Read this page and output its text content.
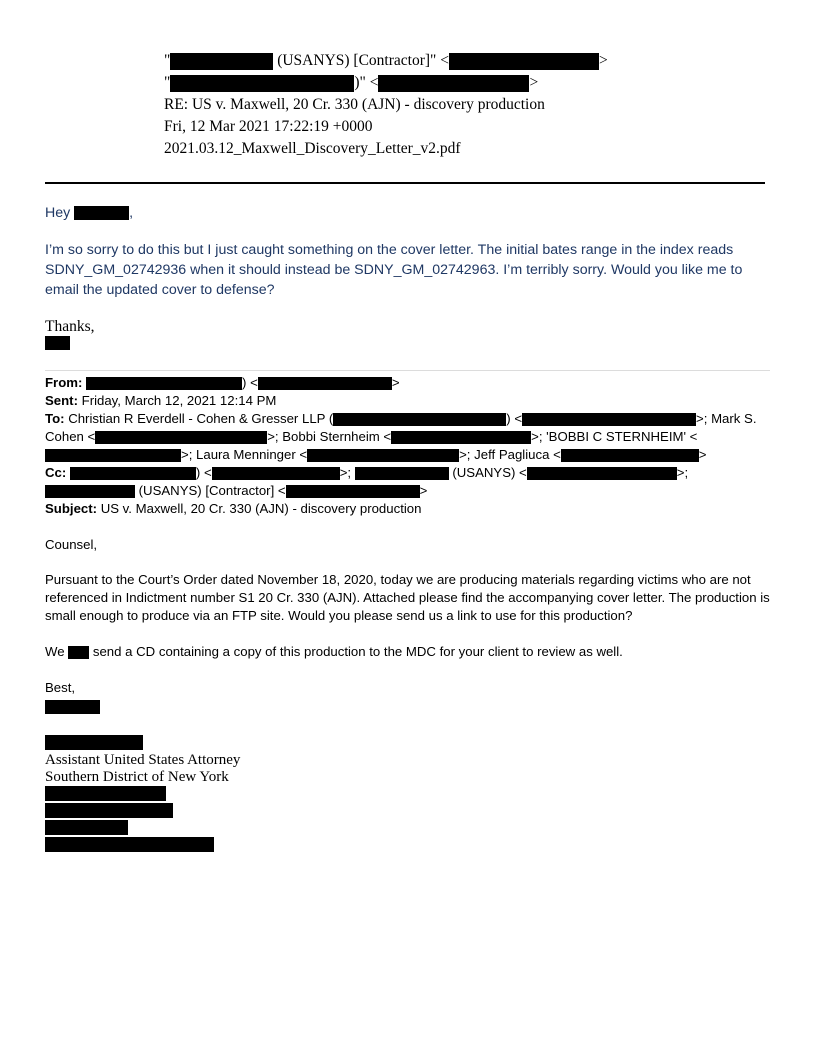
"	(USANYS) [Contractor]" <	>
"	)" <	>
RE: US v. Maxwell, 20 Cr. 330 (AJN) - discovery production
Fri, 12 Mar 2021 17:22:19 +0000
2021.03.12_Maxwell_Discovery_Letter_v2.pdf
Hey	,
I’m so sorry to do this but I just caught something on the cover letter. The initial bates range in the index reads SDNY_GM_02742936 when it should instead be SDNY_GM_02742963. I’m terribly sorry. Would you like me to email the updated cover to defense?
Thanks,
From:	) <	>
Sent: Friday, March 12, 2021 12:14 PM
To: Christian R Everdell - Cohen & Gresser LLP (	) <	>; Mark S. Cohen <	>; Bobbi Sternheim <	>; 'BOBBI C STERNHEIM' <>; Laura Menninger <	>; Jeff Pagliuca <	>
Cc:	) <	>;	(USANYS) <	>;  (USANYS) [Contractor] <	>
Subject: US v. Maxwell, 20 Cr. 330 (AJN) - discovery production
Counsel,
Pursuant to the Court’s Order dated November 18, 2020, today we are producing materials regarding victims who are not referenced in Indictment number S1 20 Cr. 330 (AJN). Attached please find the accompanying cover letter. The production is small enough to produce via an FTP site. Would you please send us a link to use for this production?
We  send a CD containing a copy of this production to the MDC for your client to review as well.
Best,
Assistant United States Attorney
Southern District of New York
